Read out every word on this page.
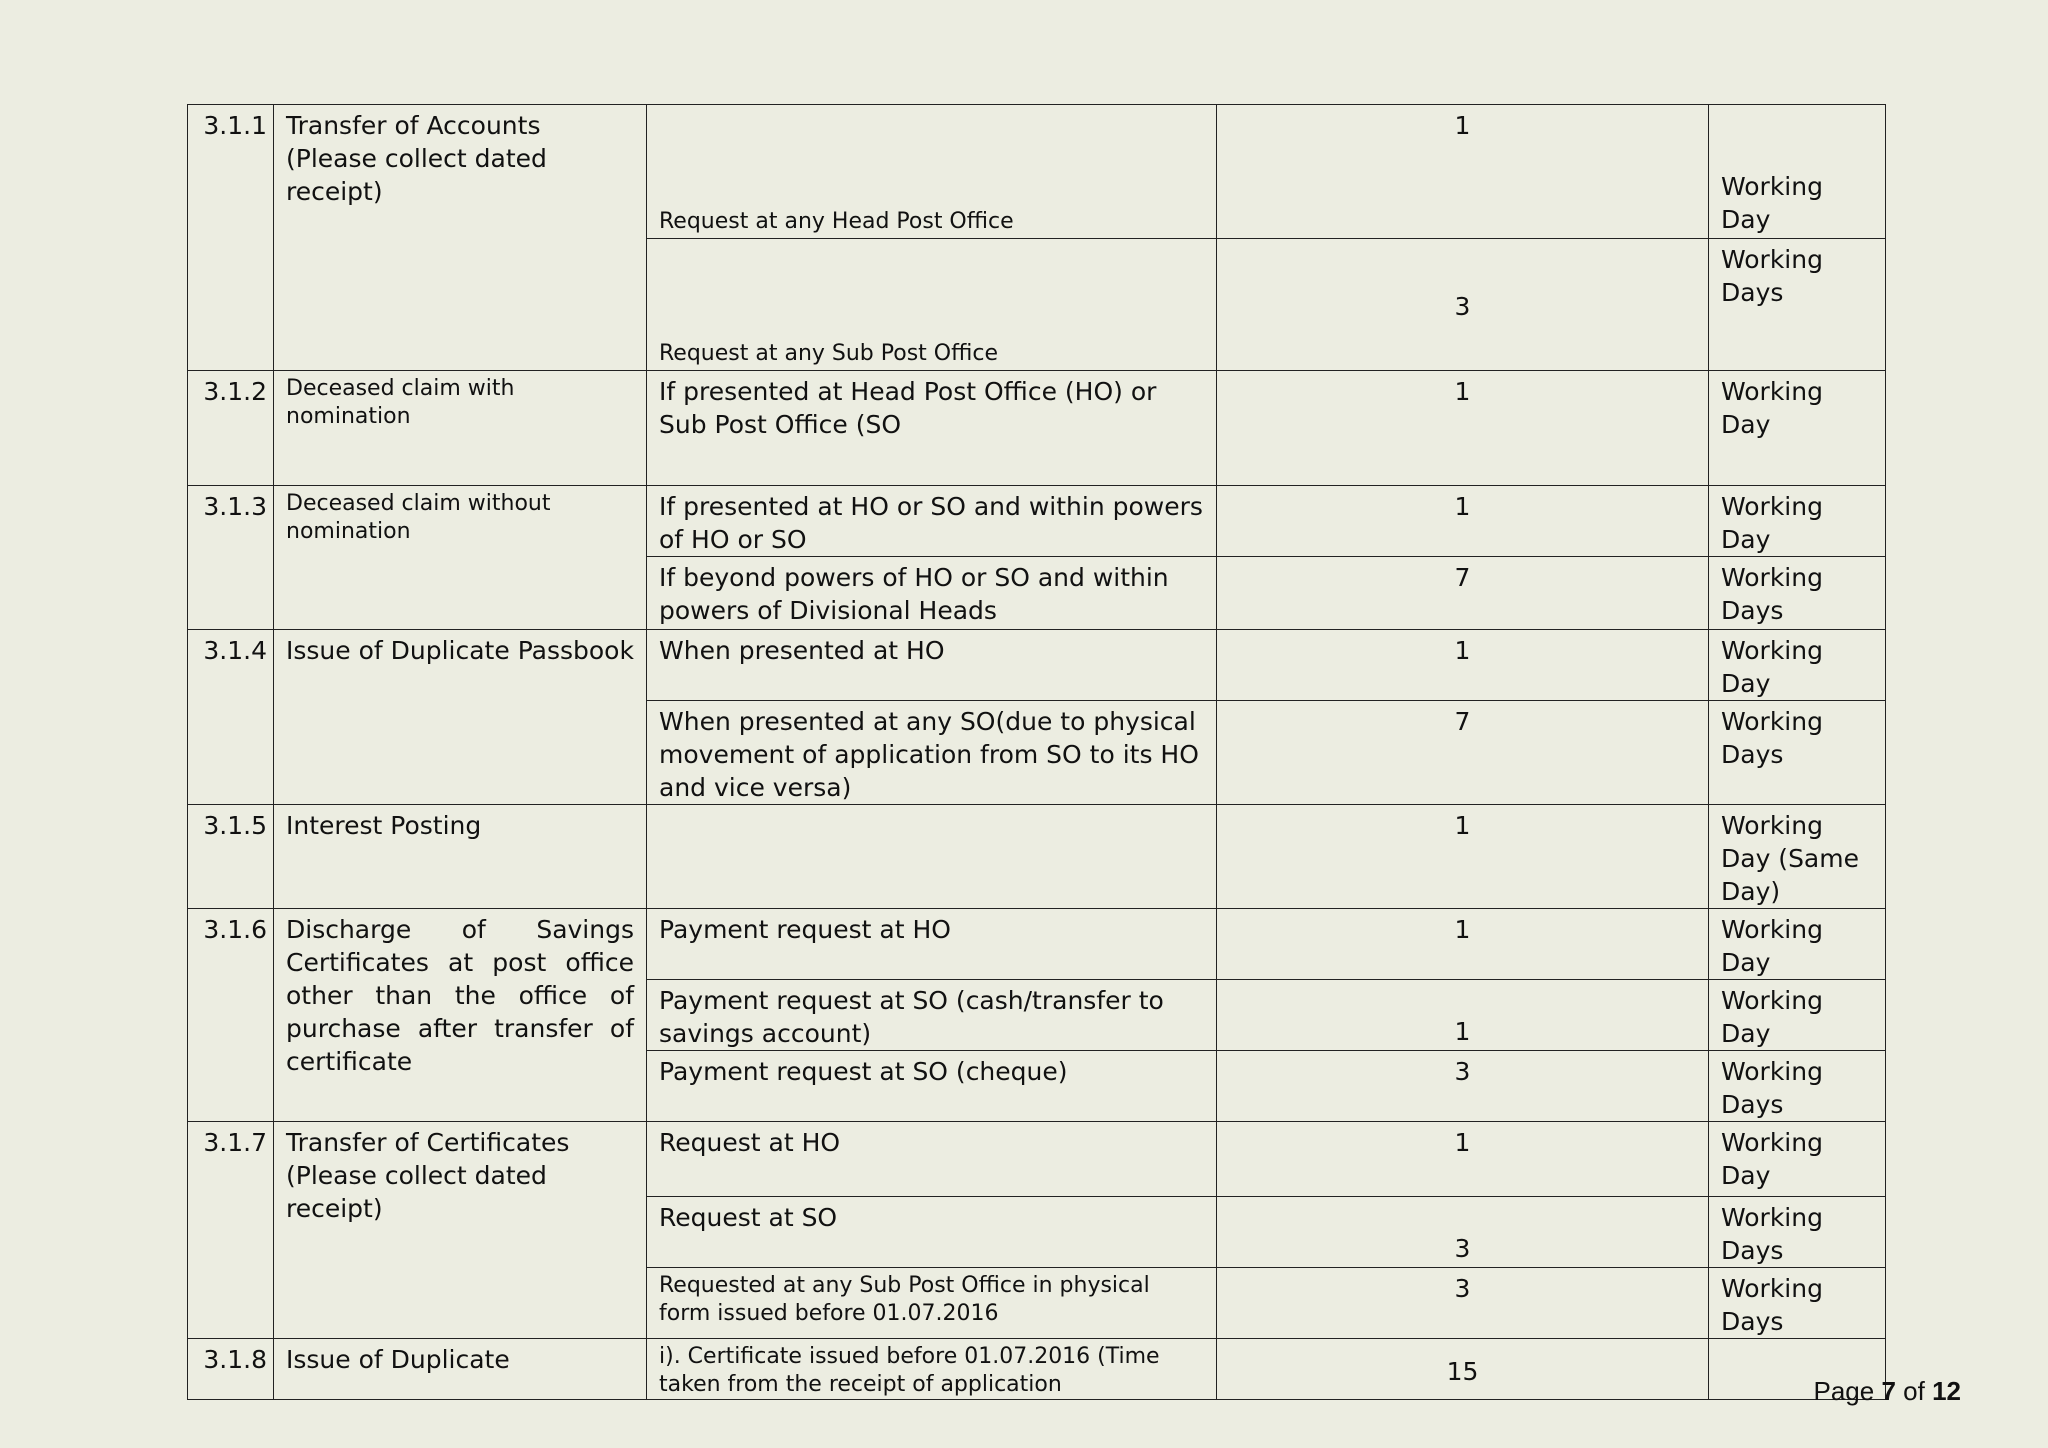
3.1.1	Transfer of Accounts (Please collect dated receipt)	Request at any Head Post Office	1	Working Day
		Request at any Sub Post Office	3	Working Days
3.1.2	Deceased claim with nomination	If presented at Head Post Office (HO) or Sub Post Office (SO	1	Working Day
3.1.3	Deceased claim without nomination	If presented at HO or SO and within powers of HO or SO	1	Working Day
		If beyond powers of HO or SO and within powers of Divisional Heads	7	Working Days
3.1.4	Issue of Duplicate Passbook	When presented at HO	1	Working Day
		When presented at any SO(due to physical movement of application from SO to its HO and vice versa)	7	Working Days
3.1.5	Interest Posting		1	Working Day (Same Day)
3.1.6	Discharge of Savings Certificates at post office other than the office of purchase after transfer of certificate	Payment request at HO	1	Working Day
		Payment request at SO (cash/transfer to savings account)	1	Working Day
		Payment request at SO (cheque)	3	Working Days
3.1.7	Transfer of Certificates (Please collect dated receipt)	Request at HO	1	Working Day
		Request at SO	3	Working Days
		Requested at any Sub Post Office in physical form issued before 01.07.2016	3	Working Days
3.1.8	Issue of Duplicate	i). Certificate issued before 01.07.2016 (Time taken from the receipt of application	15	
Page 7 of 12
